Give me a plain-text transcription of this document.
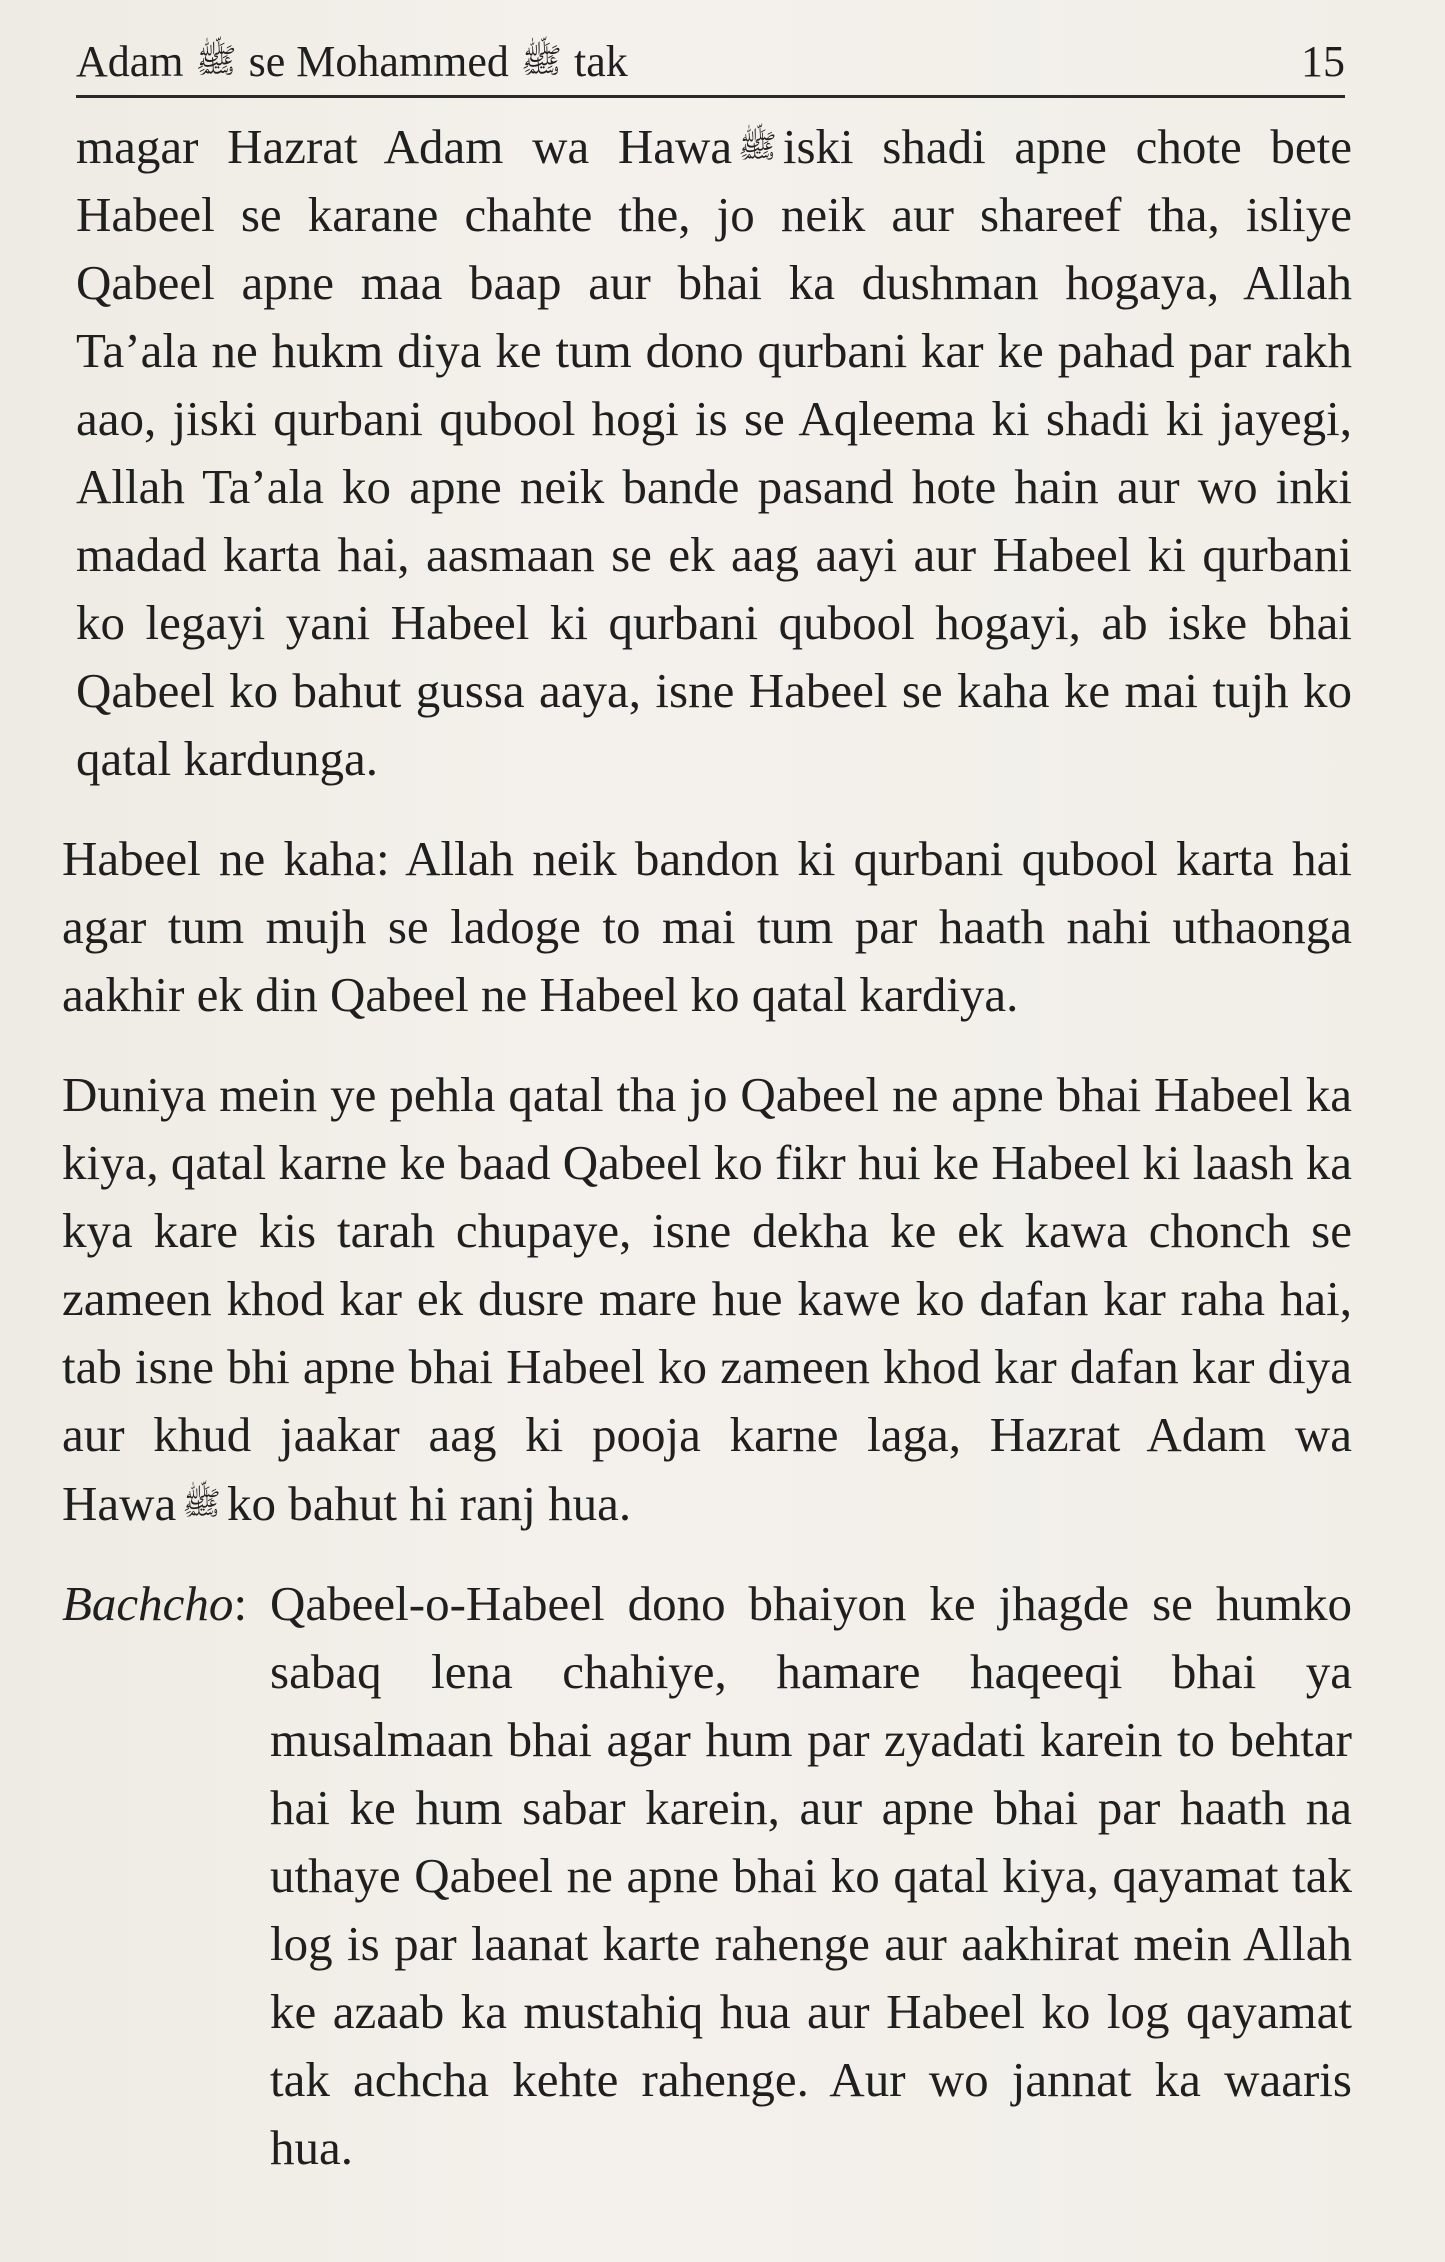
Adam ﷺ se Mohammed ﷺ tak	15

magar Hazrat Adam wa Hawa ﷺ iski shadi apne chote bete Habeel se karane chahte the, jo neik aur shareef tha, isliye Qabeel apne maa baap aur bhai ka dushman hogaya, Allah Ta’ala ne hukm diya ke tum dono qurbani kar ke pahad par rakh aao, jiski qurbani qubool hogi is se Aqleema ki shadi ki jayegi, Allah Ta’ala ko apne neik bande pasand hote hain aur wo inki madad karta hai, aasmaan se ek aag aayi aur Habeel ki qurbani ko legayi yani Habeel ki qurbani qubool hogayi, ab iske bhai Qabeel ko bahut gussa aaya, isne Habeel se kaha ke mai tujh ko qatal kardunga.

Habeel ne kaha: Allah neik bandon ki qurbani qubool karta hai agar tum mujh se ladoge to mai tum par haath nahi uthaonga aakhir ek din Qabeel ne Habeel ko qatal kardiya.

Duniya mein ye pehla qatal tha jo Qabeel ne apne bhai Habeel ka kiya, qatal karne ke baad Qabeel ko fikr hui ke Habeel ki laash ka kya kare kis tarah chupaye, isne dekha ke ek kawa chonch se zameen khod kar ek dusre mare hue kawe ko dafan kar raha hai, tab isne bhi apne bhai Habeel ko zameen khod kar dafan kar diya aur khud jaakar aag ki pooja karne laga, Hazrat Adam wa Hawa ﷺ ko bahut hi ranj hua.

Bachcho: Qabeel-o-Habeel dono bhaiyon ke jhagde se humko sabaq lena chahiye, hamare haqeeqi bhai ya musalmaan bhai agar hum par zyadati karein to behtar hai ke hum sabar karein, aur apne bhai par haath na uthaye Qabeel ne apne bhai ko qatal kiya, qayamat tak log is par laanat karte rahenge aur aakhirat mein Allah ke azaab ka mustahiq hua aur Habeel ko log qayamat tak achcha kehte rahenge. Aur wo jannat ka waaris hua.
